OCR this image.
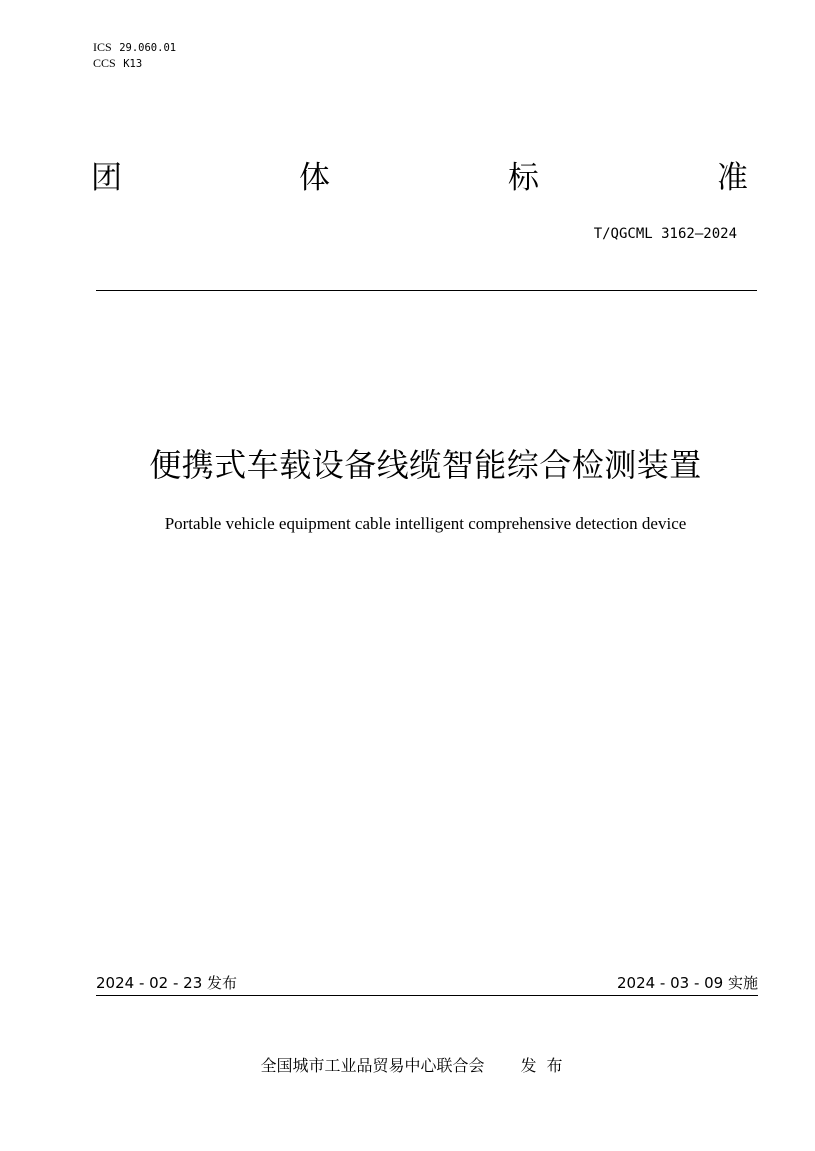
ICS 29.060.01
CCS K13
团	体	标	准
T/QGCML 3162—2024
便携式车载设备线缆智能综合检测装置
Portable vehicle equipment cable intelligent comprehensive detection device
2024 - 02 - 23 发布	2024 - 03 - 09 实施
全国城市工业品贸易中心联合会 发布
